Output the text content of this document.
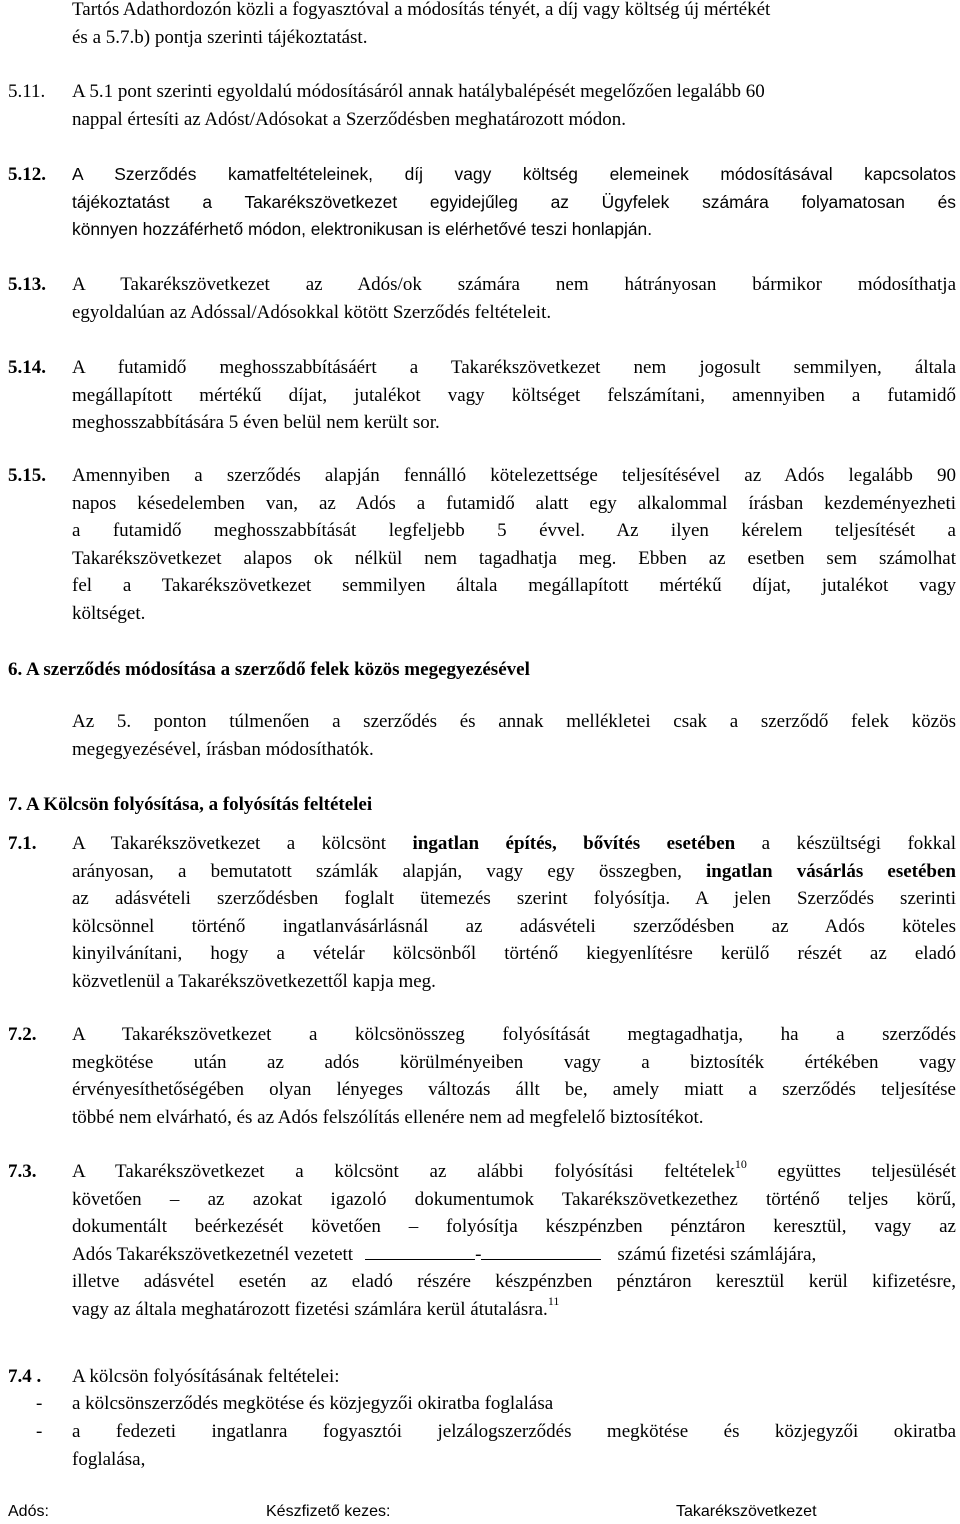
Tartós Adathordozón közli a fogyasztóval a módosítás tényét, a díj vagy költség új mértékét
és a 5.7.b) pontja szerinti tájékoztatást.
5.11. A 5.1 pont szerinti egyoldalú módosításáról annak hatálybalépését megelőzően legalább 60
nappal értesíti az Adóst/Adósokat a Szerződésben meghatározott módon.
5.12. A Szerződés kamatfeltételeinek, díj vagy költség elemeinek módosításával kapcsolatos
tájékoztatást a Takarékszövetkezet egyidejűleg az Ügyfelek számára folyamatosan és
könnyen hozzáférhető módon, elektronikusan is elérhetővé teszi honlapján.
5.13. A Takarékszövetkezet az Adós/ok számára nem hátrányosan bármikor módosíthatja
egyoldalúan az Adóssal/Adósokkal kötött Szerződés feltételeit.
5.14. A futamidő meghosszabbításáért a Takarékszövetkezet nem jogosult semmilyen, általa
megállapított mértékű díjat, jutalékot vagy költséget felszámítani, amennyiben a futamidő
meghosszabbítására 5 éven belül nem került sor.
5.15. Amennyiben a szerződés alapján fennálló kötelezettsége teljesítésével az Adós legalább 90
napos késedelemben van, az Adós a futamidő alatt egy alkalommal írásban kezdeményezheti
a futamidő meghosszabbítását legfeljebb 5 évvel. Az ilyen kérelem teljesítését a
Takarékszövetkezet alapos ok nélkül nem tagadhatja meg. Ebben az esetben sem számolhat
fel a Takarékszövetkezet semmilyen általa megállapított mértékű díjat, jutalékot vagy
költséget.
6. A szerződés módosítása a szerződő felek közös megegyezésével
Az 5. ponton túlmenően a szerződés és annak mellékletei csak a szerződő felek közös
megegyezésével, írásban módosíthatók.
7. A Kölcsön folyósítása, a folyósítás feltételei
7.1. A Takarékszövetkezet a kölcsönt ingatlan építés, bővítés esetében a készültségi fokkal
arányosan, a bemutatott számlák alapján, vagy egy összegben, ingatlan vásárlás esetében
az adásvételi szerződésben foglalt ütemezés szerint folyósítja. A jelen Szerződés szerinti
kölcsönnel történő ingatlanvásárlásnál az adásvételi szerződésben az Adós köteles
kinyilvánítani, hogy a vételár kölcsönből történő kiegyenlítésre kerülő részét az eladó
közvetlenül a Takarékszövetkezettől kapja meg.
7.2. A Takarékszövetkezet a kölcsönösszeg folyósítását megtagadhatja, ha a szerződés
megkötése után az adós körülményeiben vagy a biztosíték értékében vagy
érvényesíthetőségében olyan lényeges változás állt be, amely miatt a szerződés teljesítése
többé nem elvárható, és az Adós felszólítás ellenére nem ad megfelelő biztosítékot.
7.3. A Takarékszövetkezet a kölcsönt az alábbi folyósítási feltételek$^{10}$ együttes teljesülését
követően – az azokat igazoló dokumentumok Takarékszövetkezethez történő teljes körű,
dokumentált beérkezését követően – folyósítja készpénzben pénztáron keresztül, vagy az
Adós Takarékszövetkezetnél vezetett	-	számú fizetési számlájára,
illetve adásvétel esetén az eladó részére készpénzben pénztáron keresztül kerül kifizetésre,
vagy az általa meghatározott fizetési számlára kerül átutalásra.$^{11}$
7.4 . A kölcsön folyósításának feltételei:
- a kölcsönszerződés megkötése és közjegyzői okiratba foglalása
- a fedezeti ingatlanra fogyasztói jelzálogszerződés megkötése és közjegyzői okiratba
foglalása,
Adós:	Készfizető kezes:	Takarékszövetkezet
